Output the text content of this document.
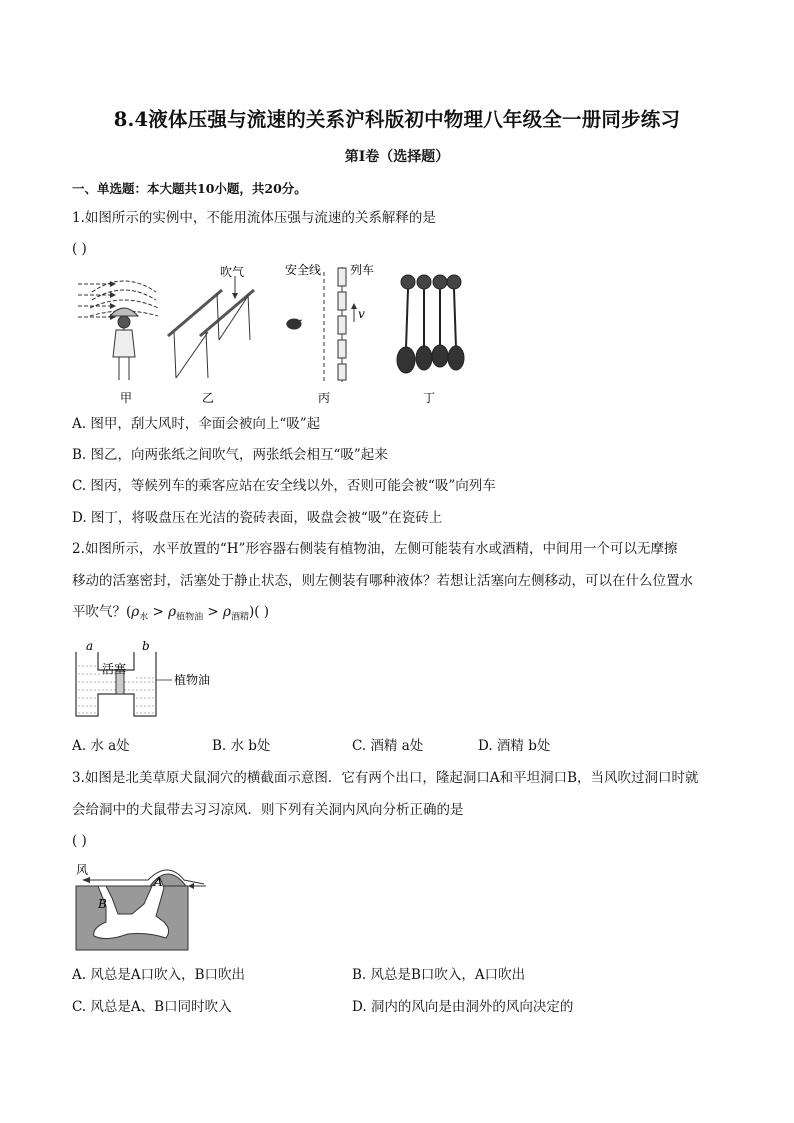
8.4液体压强与流速的关系沪科版初中物理八年级全一册同步练习
第I卷（选择题）
一、单选题：本大题共10小题，共20分。
1.如图所示的实例中，不能用流体压强与流速的关系解释的是
( )
吹气	安全线 列车
v
甲	乙	丙	丁
A. 图甲，刮大风时，伞面会被向上“吸”起
B. 图乙，向两张纸之间吹气，两张纸会相互“吸”起来
C. 图丙，等候列车的乘客应站在安全线以外，否则可能会被“吸”向列车
D. 图丁，将吸盘压在光洁的瓷砖表面，吸盘会被“吸”在瓷砖上
2.如图所示，水平放置的“H”形容器右侧装有植物油，左侧可能装有水或酒精，中间用一个可以无摩擦
移动的活塞密封，活塞处于静止状态，则左侧装有哪种液体？若想让活塞向左侧移动，可以在什么位置水
平吹气？$(\rho_水 > \rho_{植物油} > \rho_{酒精})$( )
a	b
活塞
植物油
A. 水 a处	B. 水 b处	C. 酒精 a处	D. 酒精 b处
3.如图是北美草原犬鼠洞穴的横截面示意图．它有两个出口，隆起洞口A和平坦洞口B，当风吹过洞口时就
会给洞中的犬鼠带去习习凉风．则下列有关洞内风向分析正确的是
( )
风
A
B
A. 风总是A口吹入，B口吹出	B. 风总是B口吹入，A口吹出
C. 风总是A、B口同时吹入	D. 洞内的风向是由洞外的风向决定的
